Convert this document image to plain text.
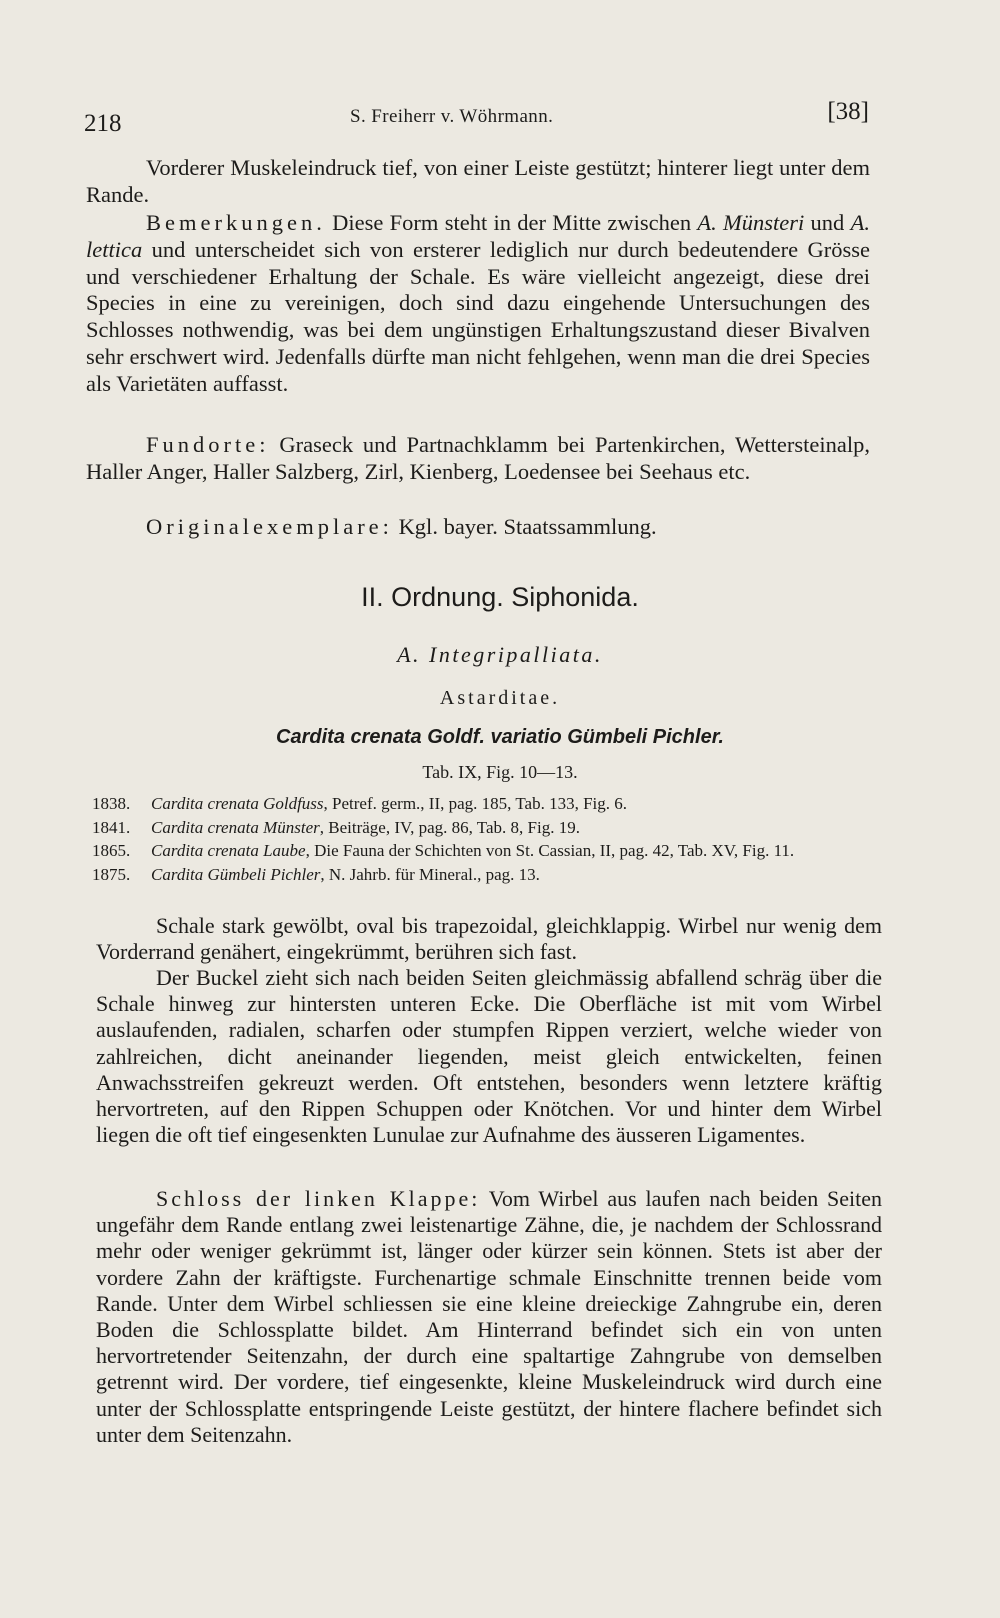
218	S. Freiherr v. Wöhrmann.	[38]

Vorderer Muskeleindruck tief, von einer Leiste gestützt; hinterer liegt unter dem Rande.

Bemerkungen. Diese Form steht in der Mitte zwischen A. Münsteri und A. lettica und unterscheidet sich von ersterer lediglich nur durch bedeutendere Grösse und verschiedener Erhaltung der Schale. Es wäre vielleicht angezeigt, diese drei Species in eine zu vereinigen, doch sind dazu eingehende Untersuchungen des Schlosses nothwendig, was bei dem ungünstigen Erhaltungszustand dieser Bivalven sehr erschwert wird. Jedenfalls dürfte man nicht fehlgehen, wenn man die drei Species als Varietäten auffasst.

Fundorte: Graseck und Partnachklamm bei Partenkirchen, Wettersteinalp, Haller Anger, Haller Salzberg, Zirl, Kienberg, Loedensee bei Seehaus etc.

Originalexemplare: Kgl. bayer. Staatssammlung.

II. Ordnung. Siphonida.
A. Integripalliata.
Astarditae.
Cardita crenata Goldf. variatio Gümbeli Pichler.
Tab. IX, Fig. 10—13.
1838. Cardita crenata Goldfuss, Petref. germ., II, pag. 185, Tab. 133, Fig. 6.
1841. Cardita crenata Münster, Beiträge, IV, pag. 86, Tab. 8, Fig. 19.
1865. Cardita crenata Laube, Die Fauna der Schichten von St. Cassian, II, pag. 42, Tab. XV, Fig. 11.
1875. Cardita Gümbeli Pichler, N. Jahrb. für Mineral., pag. 13.

Schale stark gewölbt, oval bis trapezoidal, gleichklappig. Wirbel nur wenig dem Vorderrand genähert, eingekrümmt, berühren sich fast.

Der Buckel zieht sich nach beiden Seiten gleichmässig abfallend schräg über die Schale hinweg zur hintersten unteren Ecke. Die Oberfläche ist mit vom Wirbel auslaufenden, radialen, scharfen oder stumpfen Rippen verziert, welche wieder von zahlreichen, dicht aneinander liegenden, meist gleich entwickelten, feinen Anwachsstreifen gekreuzt werden. Oft entstehen, besonders wenn letztere kräftig hervortreten, auf den Rippen Schuppen oder Knötchen. Vor und hinter dem Wirbel liegen die oft tief eingesenkten Lunulae zur Aufnahme des äusseren Ligamentes.

Schloss der linken Klappe: Vom Wirbel aus laufen nach beiden Seiten ungefähr dem Rande entlang zwei leistenartige Zähne, die, je nachdem der Schlossrand mehr oder weniger gekrümmt ist, länger oder kürzer sein können. Stets ist aber der vordere Zahn der kräftigste. Furchenartige schmale Einschnitte trennen beide vom Rande. Unter dem Wirbel schliessen sie eine kleine dreieckige Zahngrube ein, deren Boden die Schlossplatte bildet. Am Hinterrand befindet sich ein von unten hervortretender Seitenzahn, der durch eine spaltartige Zahngrube von demselben getrennt wird. Der vordere, tief eingesenkte, kleine Muskeleindruck wird durch eine unter der Schlossplatte entspringende Leiste gestützt, der hintere flachere befindet sich unter dem Seitenzahn.
